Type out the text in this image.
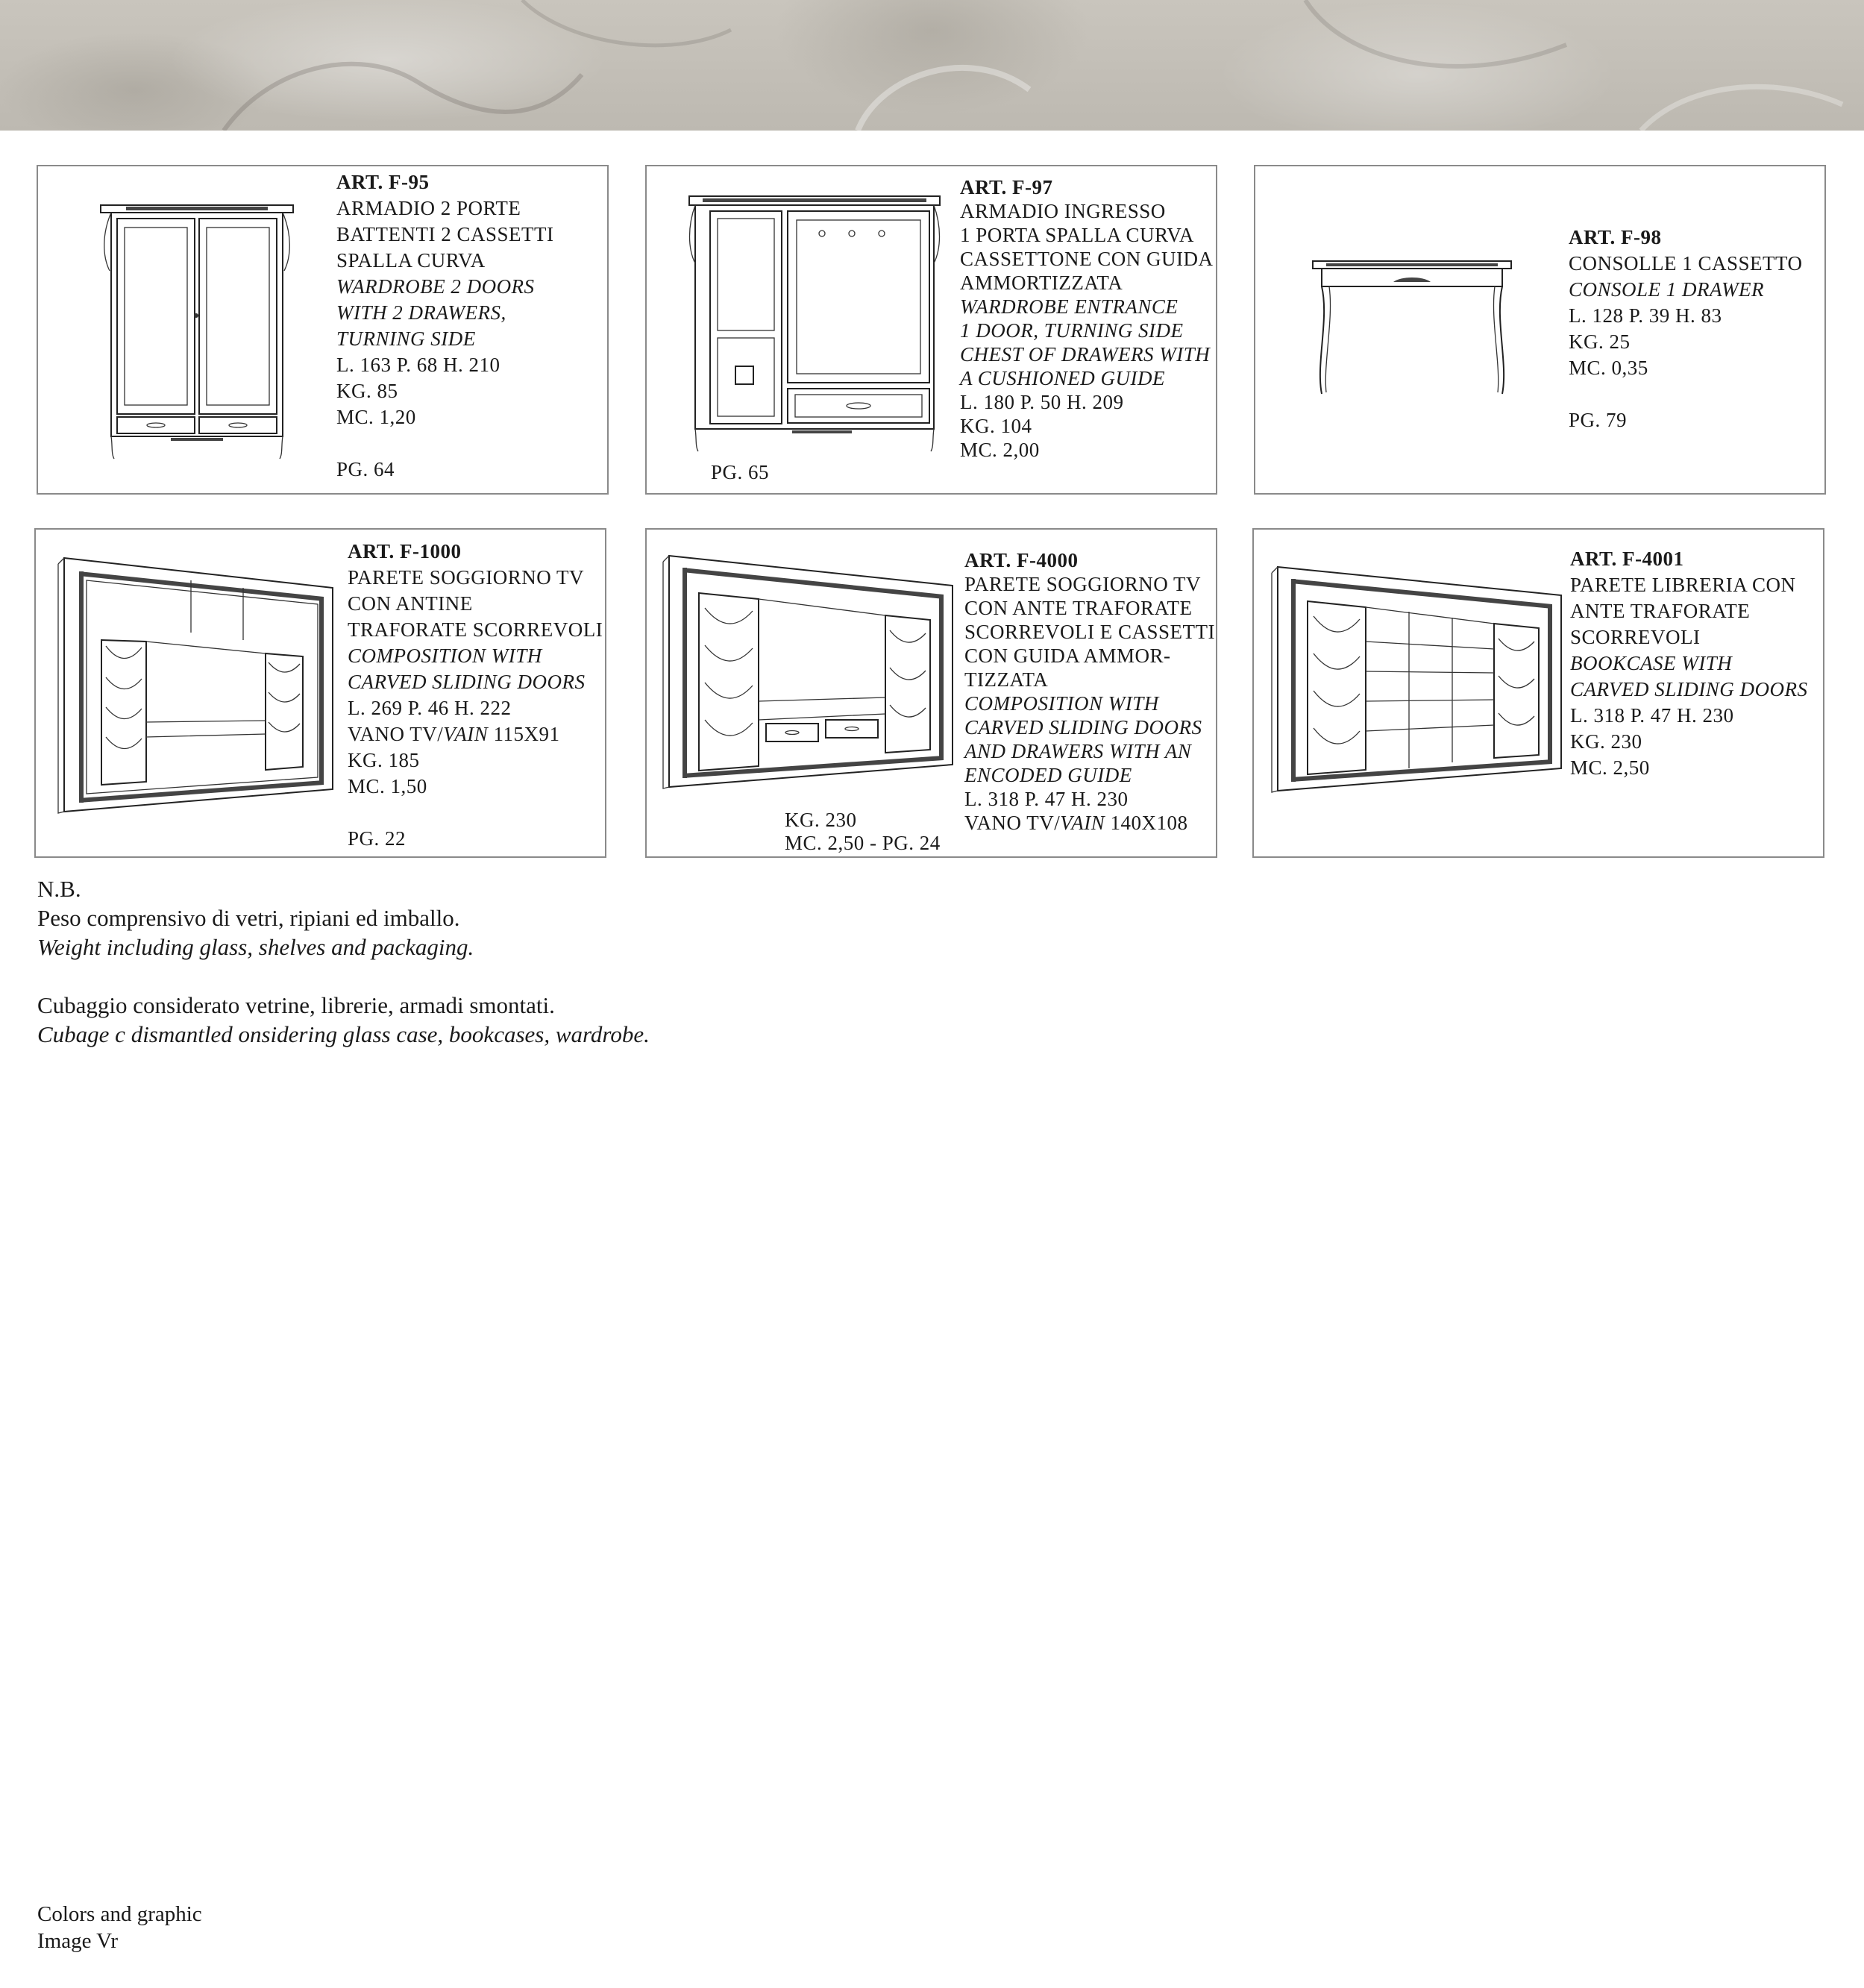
ART. F-95
ARMADIO 2 PORTE
BATTENTI 2 CASSETTI
SPALLA CURVA
WARDROBE 2 DOORS
WITH 2 DRAWERS,
TURNING SIDE
L. 163 P. 68 H. 210
KG. 85
MC. 1,20
PG. 64
ART. F-97
ARMADIO INGRESSO
1 PORTA SPALLA CURVA
CASSETTONE CON GUIDA
AMMORTIZZATA
WARDROBE ENTRANCE
1 DOOR, TURNING SIDE
CHEST OF DRAWERS WITH
A CUSHIONED GUIDE
L. 180 P. 50 H. 209
KG. 104
MC. 2,00
PG. 65
ART. F-98
CONSOLLE 1 CASSETTO
CONSOLE 1 DRAWER
L. 128 P. 39 H. 83
KG. 25
MC. 0,35
PG. 79
ART. F-1000
PARETE SOGGIORNO TV
CON ANTINE
TRAFORATE SCORREVOLI
COMPOSITION WITH
CARVED SLIDING DOORS
L. 269 P. 46 H. 222
VANO TV/VAIN 115X91
KG. 185
MC. 1,50
PG. 22
ART. F-4000
PARETE SOGGIORNO TV
CON ANTE TRAFORATE
SCORREVOLI E CASSETTI
CON GUIDA AMMOR-
TIZZATA
COMPOSITION WITH
CARVED SLIDING DOORS
AND DRAWERS WITH AN
ENCODED GUIDE
L. 318 P. 47 H. 230
VANO TV/VAIN 140X108
KG. 230
MC. 2,50 - PG. 24
ART. F-4001
PARETE LIBRERIA CON
ANTE TRAFORATE
SCORREVOLI
BOOKCASE WITH
CARVED SLIDING DOORS
L. 318 P. 47 H. 230
KG. 230
MC. 2,50
N.B.
Peso comprensivo di vetri, ripiani ed imballo.
Weight including glass, shelves and packaging.
Cubaggio considerato vetrine, librerie, armadi smontati.
Cubage c dismantled onsidering glass case, bookcases, wardrobe.
Colors and graphic
Image Vr
